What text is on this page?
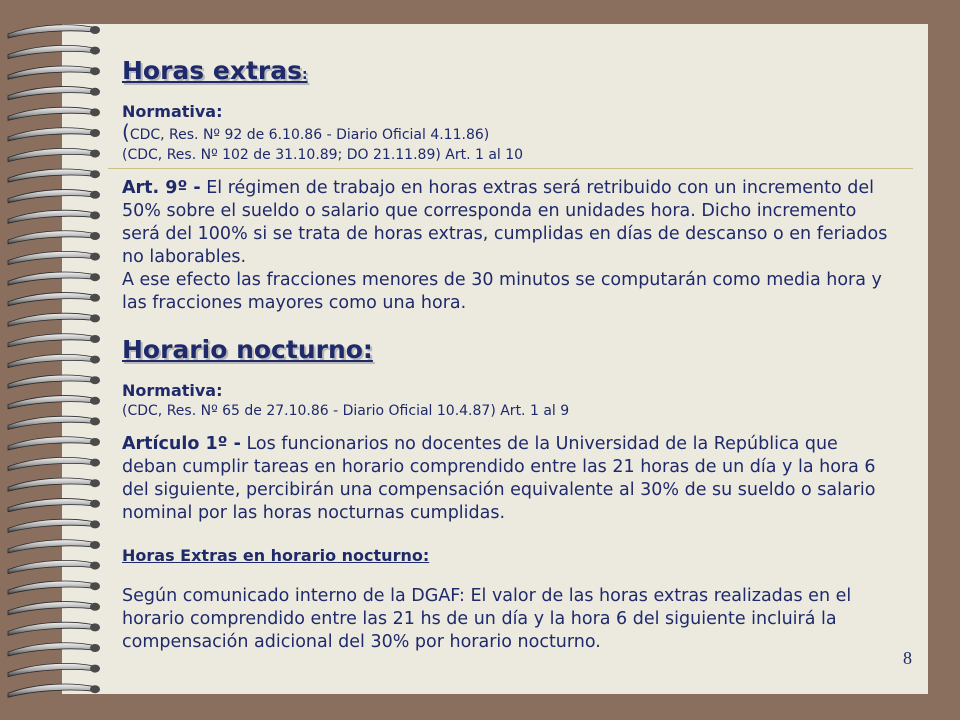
Horas extras:
Normativa:
(CDC, Res. Nº 92 de 6.10.86 - Diario Oficial 4.11.86)
(CDC, Res. Nº 102 de 31.10.89; DO 21.11.89) Art. 1 al 10
Art. 9º - El régimen de trabajo en horas extras será retribuido con un incremento del 50% sobre el sueldo o salario que corresponda en unidades hora. Dicho incremento será del 100% si se trata de horas extras, cumplidas en días de descanso o en feriados no laborables.
A ese efecto las fracciones menores de 30 minutos se computarán como media hora y las fracciones mayores como una hora.
Horario nocturno:
Normativa:
(CDC, Res. Nº 65 de 27.10.86 - Diario Oficial 10.4.87) Art. 1 al 9
Artículo 1º - Los funcionarios no docentes de la Universidad de la República que deban cumplir tareas en horario comprendido entre las 21 horas de un día y la hora 6 del siguiente, percibirán una compensación equivalente al 30% de su sueldo o salario nominal por las horas nocturnas cumplidas.
Horas Extras en horario nocturno:
Según comunicado interno de la DGAF: El valor de las horas extras realizadas en el horario comprendido entre las 21 hs de un día y la hora 6 del siguiente incluirá la compensación adicional del 30% por horario nocturno.
8
